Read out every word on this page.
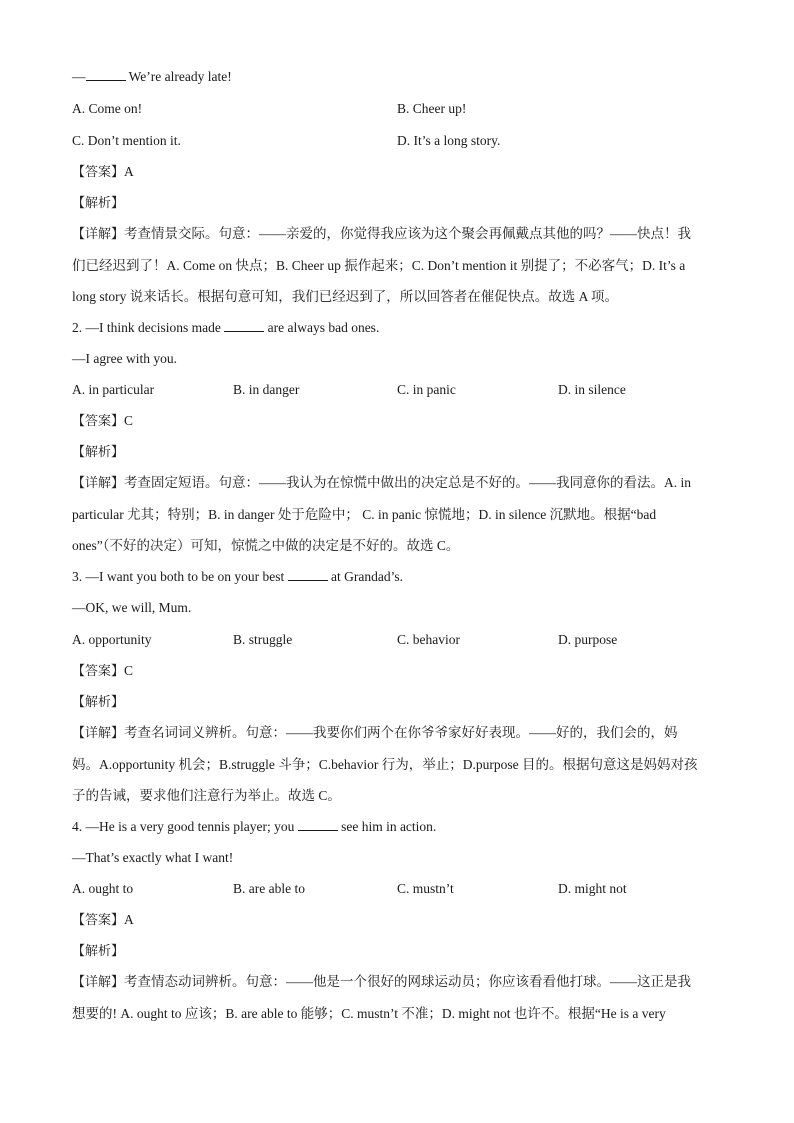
—	We’re already late!
A. Come on!	B. Cheer up!
C. Don’t mention it.	D. It’s a long story.
【答案】A
【解析】
【详解】考查情景交际。句意：——亲爱的，你觉得我应该为这个聚会再佩戴点其他的吗？——快点！我
们已经迟到了！A. Come on 快点；B. Cheer up 振作起来；C. Don’t mention it 别提了；不必客气；D. It’s a
long story 说来话长。根据句意可知，我们已经迟到了，所以回答者在催促快点。故选 A 项。
2. —I think decisions made	are always bad ones.
—I agree with you.
A. in particular	B. in danger	C. in panic	D. in silence
【答案】C
【解析】
【详解】考查固定短语。句意：——我认为在惊慌中做出的决定总是不好的。——我同意你的看法。A. in
particular 尤其；特别；B. in danger 处于危险中； C. in panic 惊慌地；D. in silence 沉默地。根据“bad
ones”（不好的决定）可知，惊慌之中做的决定是不好的。故选 C。
3. —I want you both to be on your best	at Grandad’s.
—OK, we will, Mum.
A. opportunity	B. struggle	C. behavior	D. purpose
【答案】C
【解析】
【详解】考查名词词义辨析。句意：——我要你们两个在你爷爷家好好表现。——好的，我们会的，妈
妈。A.opportunity 机会；B.struggle 斗争；C.behavior 行为，举止；D.purpose 目的。根据句意这是妈妈对孩
子的告诫，要求他们注意行为举止。故选 C。
4. —He is a very good tennis player; you	see him in action.
—That’s exactly what I want!
A. ought to	B. are able to	C. mustn’t	D. might not
【答案】A
【解析】
【详解】考查情态动词辨析。句意：——他是一个很好的网球运动员；你应该看看他打球。——这正是我
想要的! A. ought to 应该；B. are able to 能够；C. mustn’t 不准；D. might not 也许不。根据“He is a very
